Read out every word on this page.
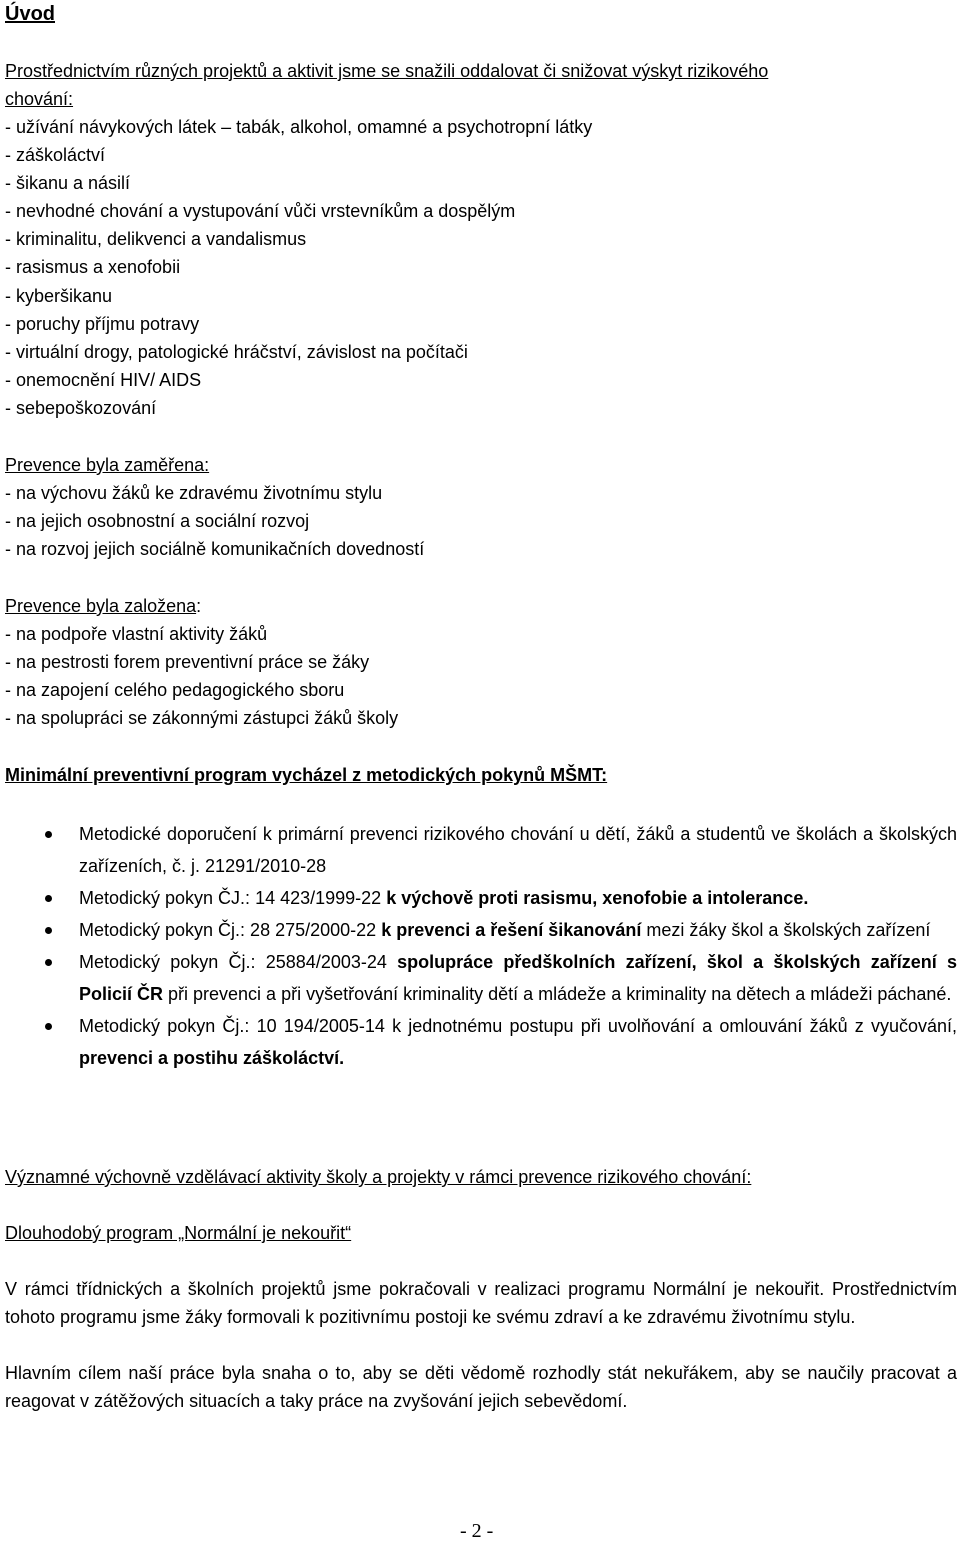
Úvod
Prostřednictvím různých projektů a aktivit jsme se snažili oddalovat či snižovat výskyt rizikového
chování:
- užívání návykových látek – tabák, alkohol, omamné a psychotropní látky
- záškoláctví
- šikanu a násilí
- nevhodné chování a vystupování vůči vrstevníkům a dospělým
- kriminalitu, delikvenci a vandalismus
- rasismus a xenofobii
- kyberšikanu
- poruchy příjmu potravy
- virtuální drogy, patologické hráčství, závislost na počítači
- onemocnění HIV/ AIDS
- sebepoškozování
Prevence byla zaměřena:
- na výchovu žáků ke zdravému životnímu stylu
- na jejich osobnostní a sociální rozvoj
- na rozvoj jejich sociálně komunikačních dovedností
Prevence byla založena:
- na podpoře vlastní aktivity žáků
- na pestrosti forem preventivní práce se žáky
- na zapojení celého pedagogického sboru
- na spolupráci se zákonnými zástupci žáků školy
Minimální preventivní program vycházel z metodických pokynů MŠMT:
Metodické doporučení k primární prevenci rizikového chování u dětí, žáků a studentů ve školách a školských zařízeních, č. j. 21291/2010-28
Metodický pokyn ČJ.: 14 423/1999-22 k výchově proti rasismu, xenofobie a intolerance.
Metodický pokyn Čj.: 28 275/2000-22 k prevenci a řešení šikanování mezi žáky škol a školských zařízení
Metodický pokyn Čj.: 25884/2003-24 spolupráce předškolních zařízení, škol a školských zařízení s Policií ČR při prevenci a při vyšetřování kriminality dětí a mládeže a kriminality na dětech a mládeži páchané.
Metodický pokyn Čj.: 10 194/2005-14 k jednotnému postupu při uvolňování a omlouvání žáků z vyučování, prevenci a postihu záškoláctví.
Významné výchovně vzdělávací aktivity školy a projekty v rámci prevence rizikového chování:
Dlouhodobý program „Normální je nekouřit“
V rámci třídnických a školních projektů jsme pokračovali v realizaci programu Normální je nekouřit. Prostřednictvím tohoto programu jsme žáky formovali k pozitivnímu postoji ke svému zdraví a ke zdravému životnímu stylu.
Hlavním cílem naší práce byla snaha o to, aby se děti vědomě rozhodly stát nekuřákem, aby se naučily pracovat a reagovat v zátěžových situacích a taky práce na zvyšování jejich sebevědomí.
- 2 -
